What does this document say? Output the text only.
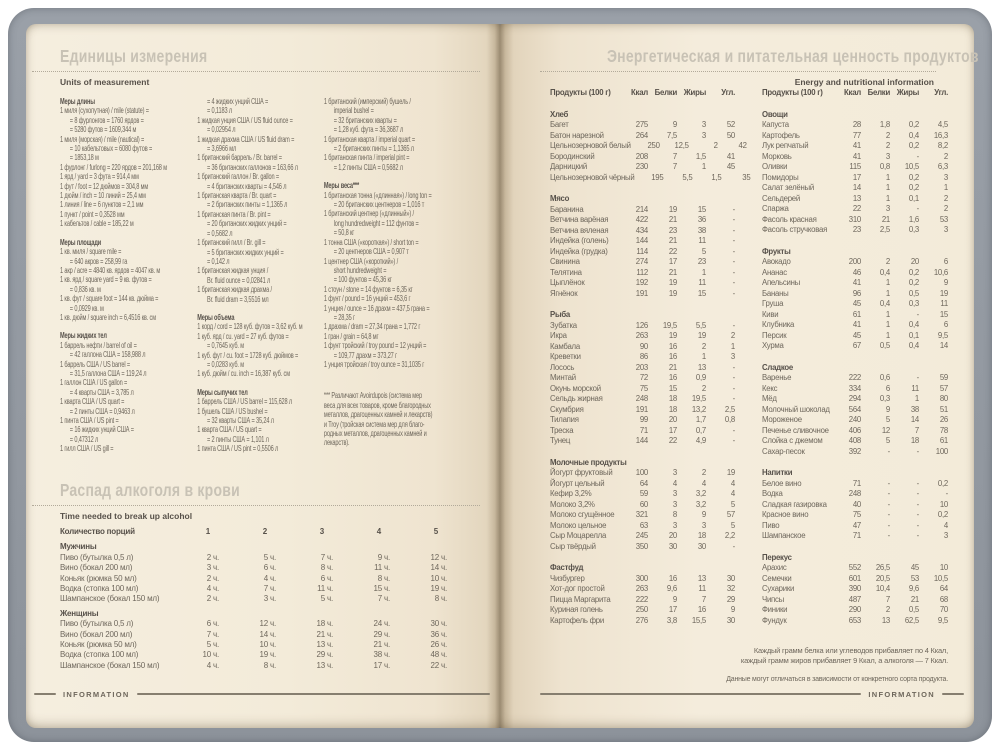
Единицы измерения
Units of measurement
Меры длины
1 миля (сухопутная) / mile (statute) =
= 8 фурлонгов = 1760 ярдов =
= 5280 футов = 1609,344 м
1 миля (морская) / mile (nautical) =
= 10 кабельтовых = 6080 футов =
= 1853,18 м
1 фурлонг / furlong = 220 ярдов = 201,168 м
1 ярд / yard = 3 фута = 914,4 мм
1 фут / foot = 12 дюймов = 304,8 мм
1 дюйм / inch = 10 линий = 25,4 мм
1 линия / line = 6 пунктов = 2,1 мм
1 пункт / point = 0,3528 мм
1 кабельтов / cable = 185,22 м
Меры площади
1 кв. миля / square mile =
= 640 акров = 258,99 га
1 акр / acre = 4840 кв. ярдов = 4047 кв. м
1 кв. ярд / square yard = 9 кв. футов =
= 0,836 кв. м
1 кв. фут / square foot = 144 кв. дюйма =
= 0,0929 кв. м
1 кв. дюйм / square inch = 6,4516 кв. см
Меры жидких тел
1 баррель нефти / barrel of oil =
= 42 галлона США = 158,988 л
1 баррель США / US barrel =
= 31,5 галлона США = 119,24 л
1 галлон США / US gallon =
= 4 кварты США = 3,785 л
1 кварта США / US quart =
= 2 пинты США = 0,9463 л
1 пинта США / US pint =
= 16 жидких унций США =
= 0,47312 л
1 гилл США / US gill =
= 4 жидких унций США =
= 0,1183 л
1 жидкая унция США / US fluid ounce =
= 0,02954 л
1 жидкая драхма США / US fluid dram =
= 3,6966 мл
1 британский баррель / Br. barrel =
= 36 британских галлонов = 163,66 л
1 британский галлон / Br. gallon =
= 4 британских кварты = 4,546 л
1 британская кварта / Br. quart =
= 2 британских пинты = 1,1365 л
1 британская пинта / Br. pint =
= 20 британских жидких унций =
= 0,5682 л
1 британский гилл / Br. gill =
= 5 британских жидких унций =
= 0,142 л
1 британская жидкая унция /
Br. fluid ounce = 0,02841 л
1 британская жидкая драхма /
Br. fluid dram = 3,5516 мл
Меры объема
1 корд / cord = 128 куб. футов = 3,62 куб. м
1 куб. ярд / cu. yard = 27 куб. футов =
= 0,7645 куб. м
1 куб. фут / cu. foot = 1728 куб. дюймов =
= 0,0283 куб. м
1 куб. дюйм / cu. inch = 16,387 куб. см
Меры сыпучих тел
1 баррель США / US barrel = 115,628 л
1 бушель США / US bushel =
= 32 кварты США = 35,24 л
1 кварта США / US quart =
= 2 пинты США = 1,101 л
1 пинта США / US pint = 0,5506 л
1 британский (имперский) бушель /
imperial bushel =
= 32 британских кварты =
= 1,28 куб. фута = 36,3687 л
1 британская кварта / imperial quart =
= 2 британских пинты = 1,1365 л
1 британская пинта / imperial pint =
= 1,2 пинты США = 0,5682 л
Меры веса***
1 британская тонна («длинная») / long ton =
= 20 британских центнеров = 1,016 т
1 британский центнер («длинный») /
long hundredweight = 112 фунтов =
= 50,8 кг
1 тонна США («короткая») / short ton =
= 20 центнеров США = 0,907 т
1 центнер США («короткий») /
short hundredweight =
= 100 фунтов = 45,36 кг
1 стоун / stone = 14 фунтов = 6,35 кг
1 фунт / pound = 16 унций = 453,6 г
1 унция / ounce = 16 драхм = 437,5 грана =
= 28,35 г
1 драхма / dram = 27,34 грана = 1,772 г
1 гран / grain = 64,8 мг
1 фунт тройский / troy pound = 12 унций =
= 109,77 драхм = 373,27 г
1 унция тройская / troy ounce = 31,1035 г
*** Различают Avoirdupois (система мер
веса для всех товаров, кроме благородных
металлов, драгоценных камней и лекарств)
и Troy (тройская система мер для благо-
родных металлов, драгоценных камней и
лекарств).
Распад алкоголя в крови
Time needed to break up alcohol
Количество порций	1	2	3	4	5
Мужчины
Пиво (бутылка 0,5 л)	2 ч.	5 ч.	7 ч.	9 ч.	12 ч.
Вино (бокал 200 мл)	3 ч.	6 ч.	8 ч.	11 ч.	14 ч.
Коньяк (рюмка 50 мл)	2 ч.	4 ч.	6 ч.	8 ч.	10 ч.
Водка (стопка 100 мл)	4 ч.	7 ч.	11 ч.	15 ч.	19 ч.
Шампанское (бокал 150 мл)	2 ч.	3 ч.	5 ч.	7 ч.	8 ч.
Женщины
Пиво (бутылка 0,5 л)	6 ч.	12 ч.	18 ч.	24 ч.	30 ч.
Вино (бокал 200 мл)	7 ч.	14 ч.	21 ч.	29 ч.	36 ч.
Коньяк (рюмка 50 мл)	5 ч.	10 ч.	13 ч.	21 ч.	26 ч.
Водка (стопка 100 мл)	10 ч.	19 ч.	29 ч.	38 ч.	48 ч.
Шампанское (бокал 150 мл)	4 ч.	8 ч.	13 ч.	17 ч.	22 ч.
INFORMATION
Энергетическая и питательная ценность продуктов
Energy and nutritional information
Продукты (100 г)	Ккал Белки Жиры	Угл.
Хлеб
Багет	275	9	3	52
Батон нарезной	264	7,5	3	50
Цельнозерновой белый	250	12,5	2	42
Бородинский	208	7	1,5	41
Дарницкий	230	7	1	45
Цельнозерновой чёрный	195	5,5	1,5	35
Мясо
Баранина	214	19	15	-
Ветчина варёная	422	21	36	-
Ветчина вяленая	434	23	38	-
Индейка (голень)	144	21	11	-
Индейка (грудка)	114	22	5	-
Свинина	274	17	23	-
Телятина	112	21	1	-
Цыплёнок	192	19	11	-
Ягнёнок	191	19	15	-
Рыба
Зубатка	126	19,5	5,5	-
Икра	263	19	19	2
Камбала	90	16	2	1
Креветки	86	16	1	3
Лосось	203	21	13	-
Минтай	72	16	0,9	-
Окунь морской	75	15	2	-
Сельдь жирная	248	18	19,5	-
Скумбрия	191	18	13,2	2,5
Тилапия	99	20	1,7	0,8
Треска	71	17	0,7	-
Тунец	144	22	4,9	-
Молочные продукты
Йогурт фруктовый	100	3	2	19
Йогурт цельный	64	4	4	4
Кефир 3,2%	59	3	3,2	4
Молоко 3,2%	60	3	3,2	5
Молоко сгущённое	321	8	9	57
Молоко цельное	63	3	3	5
Сыр Моцарелла	245	20	18	2,2
Сыр твёрдый	350	30	30	-
Фастфуд
Чизбургер	300	16	13	30
Хот-дог простой	263	9,6	11	32
Пицца Маргарита	222	9	7	29
Куриная голень	250	17	16	9
Картофель фри	276	3,8	15,5	30
Продукты (100 г)	Ккал Белки Жиры	Угл.
Овощи
Капуста	28	1,8	0,2	4,5
Картофель	77	2	0,4	16,3
Лук репчатый	41	2	0,2	8,2
Морковь	41	3	-	2
Оливки	115	0,8	10,5	6,3
Помидоры	17	1	0,2	3
Салат зелёный	14	1	0,2	1
Сельдерей	13	1	0,1	2
Спаржа	22	3	-	2
Фасоль красная	310	21	1,6	53
Фасоль стручковая	23	2,5	0,3	3
Фрукты
Авокадо	200	2	20	6
Ананас	46	0,4	0,2	10,6
Апельсины	41	1	0,2	9
Бананы	96	1	0,5	19
Груша	45	0,4	0,3	11
Киви	61	1	-	15
Клубника	41	1	0,4	6
Персик	45	1	0,1	9,5
Хурма	67	0,5	0,4	14
Сладкое
Варенье	222	0,6	-	59
Кекс	334	6	11	57
Мёд	294	0,3	1	80
Молочный шоколад	564	9	38	51
Мороженое	240	5	14	26
Печенье сливочное	406	12	7	78
Слойка с джемом	408	5	18	61
Сахар-песок	392	-	-	100
Напитки
Белое вино	71	-	-	0,2
Водка	248	-	-	-
Сладкая газировка	40	-	-	10
Красное вино	75	-	-	0,2
Пиво	47	-	-	4
Шампанское	71	-	-	3
Перекус
Арахис	552	26,5	45	10
Семечки	601	20,5	53	10,5
Сухарики	390	10,4	9,6	64
Чипсы	487	7	21	68
Финики	290	2	0,5	70
Фундук	653	13	62,5	9,5
Каждый грамм белка или углеводов прибавляет по 4 Ккал,
каждый грамм жиров прибавляет 9 Ккал, а алкоголя — 7 Ккал.
Данные могут отличаться в зависимости от конкретного сорта продукта.
INFORMATION
